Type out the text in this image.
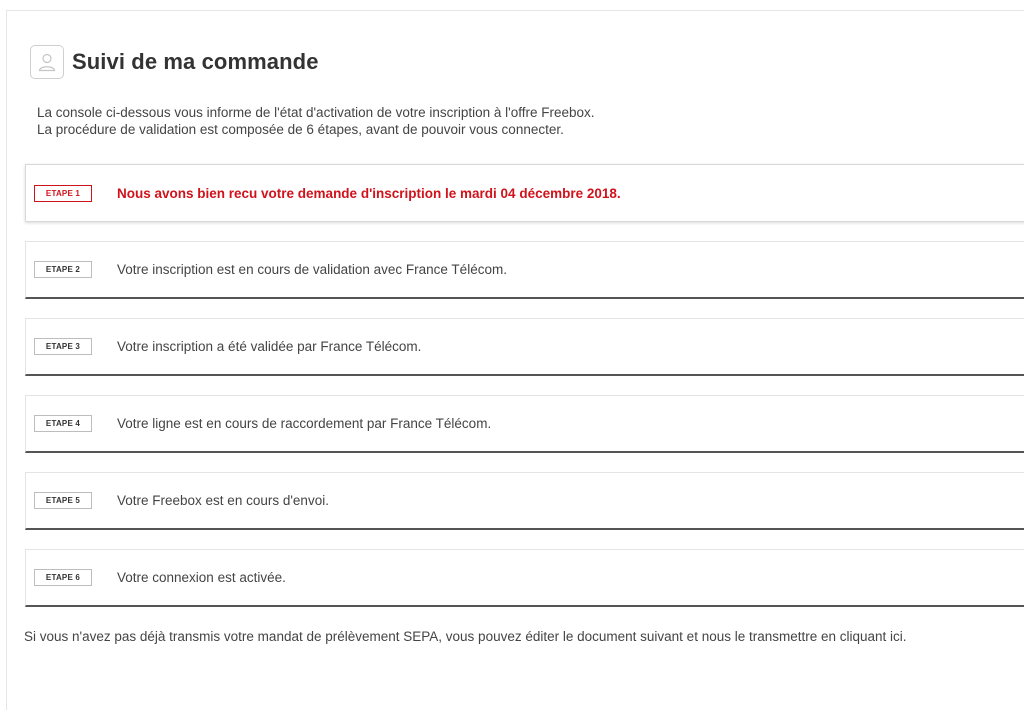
Suivi de ma commande

La console ci-dessous vous informe de l'état d'activation de votre inscription à l'offre Freebox.

La procédure de validation est composée de 6 étapes, avant de pouvoir vous connecter.

ETAPE 1	Nous avons bien recu votre demande d'inscription le mardi 04 décembre 2018.
ETAPE 2	Votre inscription est en cours de validation avec France Télécom.
ETAPE 3	Votre inscription a été validée par France Télécom.
ETAPE 4	Votre ligne est en cours de raccordement par France Télécom.
ETAPE 5	Votre Freebox est en cours d'envoi.
ETAPE 6	Votre connexion est activée.
Si vous n'avez pas déjà transmis votre mandat de prélèvement SEPA, vous pouvez éditer le document suivant et nous le transmettre en cliquant ici.
